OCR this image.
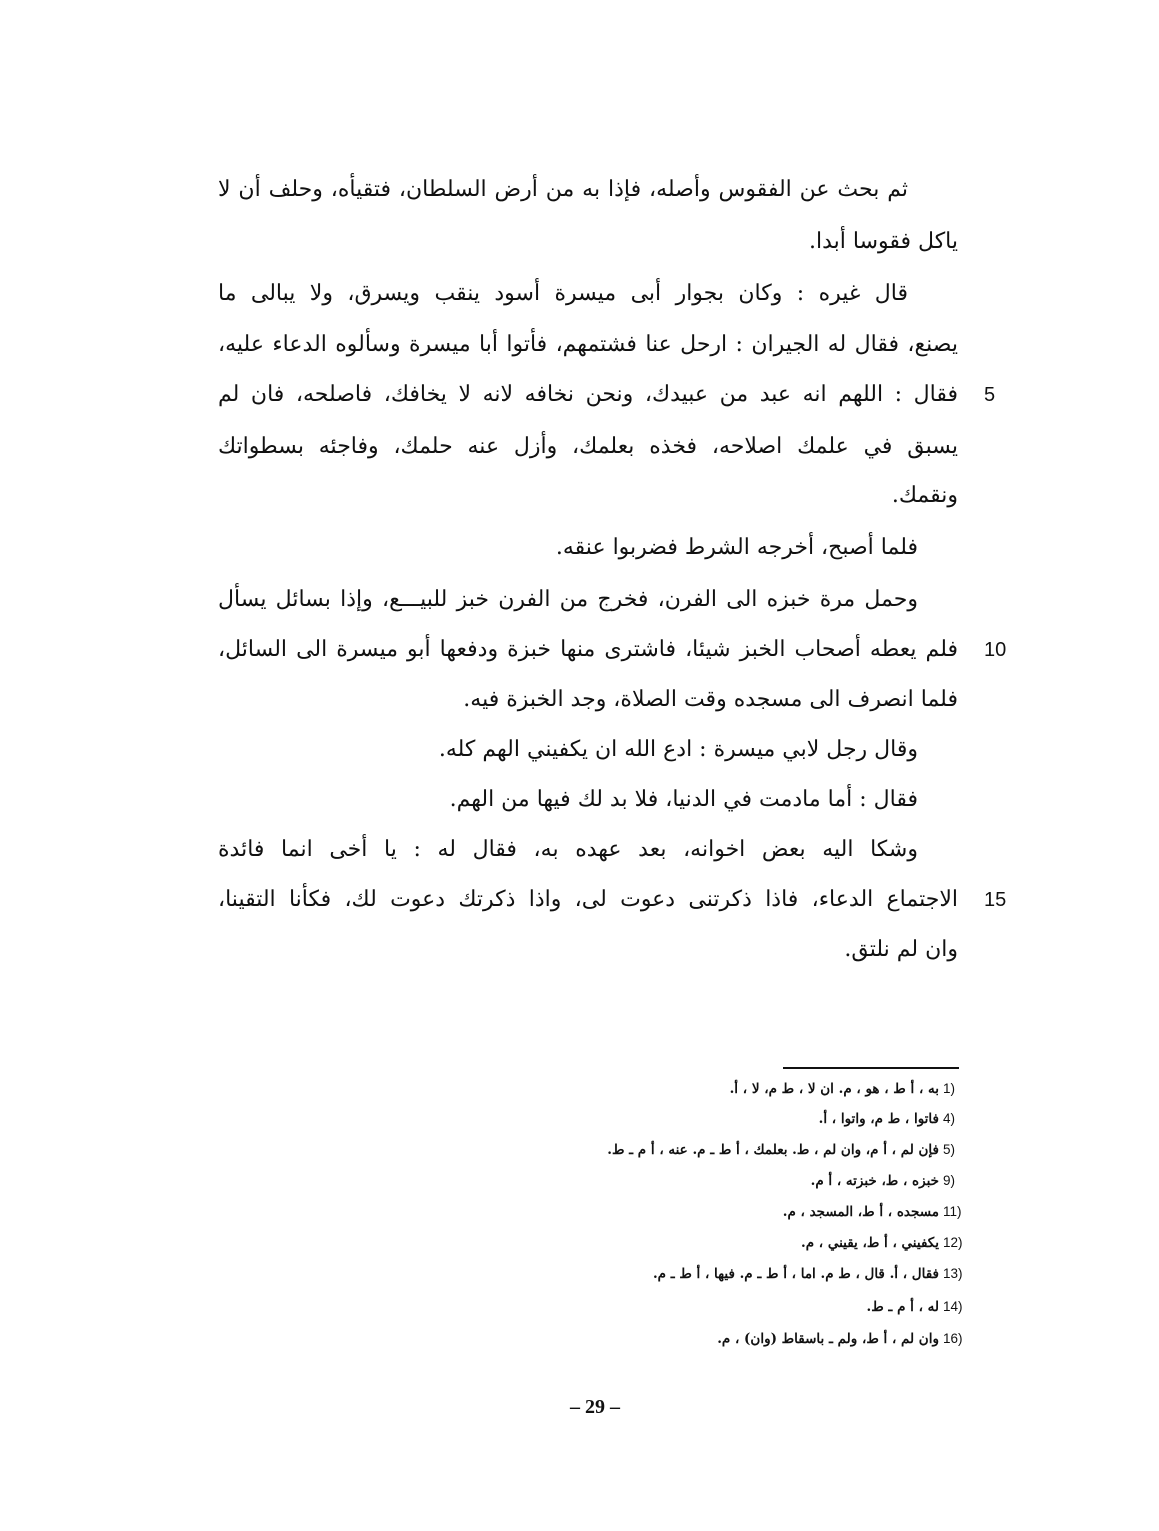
ثم بحث عن الفقوس وأصله، فإذا به من أرض السلطان، فتقيأه، وحلف أن لا
ياكل فقوسا أبدا.
قال غيره : وكان بجوار أبى ميسرة أسود ينقب ويسرق، ولا يبالى ما
يصنع، فقال له الجيران : ارحل عنا فشتمهم، فأتوا أبا ميسرة وسألوه الدعاء عليه،
5
فقال : اللهم انه عبد من عبيدك، ونحن نخافه لانه لا يخافك، فاصلحه، فان لم
يسبق في علمك اصلاحه، فخذه بعلمك، وأزل عنه حلمك، وفاجئه بسطواتك
ونقمك.
فلما أصبح، أخرجه الشرط فضربوا عنقه.
وحمل مرة خبزه الى الفرن، فخرج من الفرن خبز للبيـــع، وإذا بسائل يسأل
10
فلم يعطه أصحاب الخبز شيئا، فاشترى منها خبزة ودفعها أبو ميسرة الى السائل،
فلما انصرف الى مسجده وقت الصلاة، وجد الخبزة فيه.
وقال رجل لابي ميسرة : ادع الله ان يكفيني الهم كله.
فقال : أما مادمت في الدنيا، فلا بد لك فيها من الهم.
وشكا اليه بعض اخوانه، بعد عهده به، فقال له : يا أخى انما فائدة
15
الاجتماع الدعاء، فاذا ذكرتنى دعوت لى، واذا ذكرتك دعوت لك، فكأنا التقينا،
وان لم نلتق.
به ، أ ط ، هو ، م. ان لا ، ط م، لا ، أ. 1)
فاتوا ، ط م، واتوا ، أ. 4)
فإن لم ، أ م، وان لم ، ط. بعلمك ، أ ط ـ م. عنه ، أ م ـ ط. 5)
خبزه ، ط، خبزته ، أ م. 9)
مسجده ، أ ط، المسجد ، م. 11)
يكفيني ، أ ط، يقيني ، م. 12)
فقال ، أ. قال ، ط م. اما ، أ ط ـ م. فيها ، أ ط ـ م. 13)
له ، أ م ـ ط. 14)
وان لم ، أ ط، ولم ـ باسقاط (وان) ، م. 16)
– 29 –
